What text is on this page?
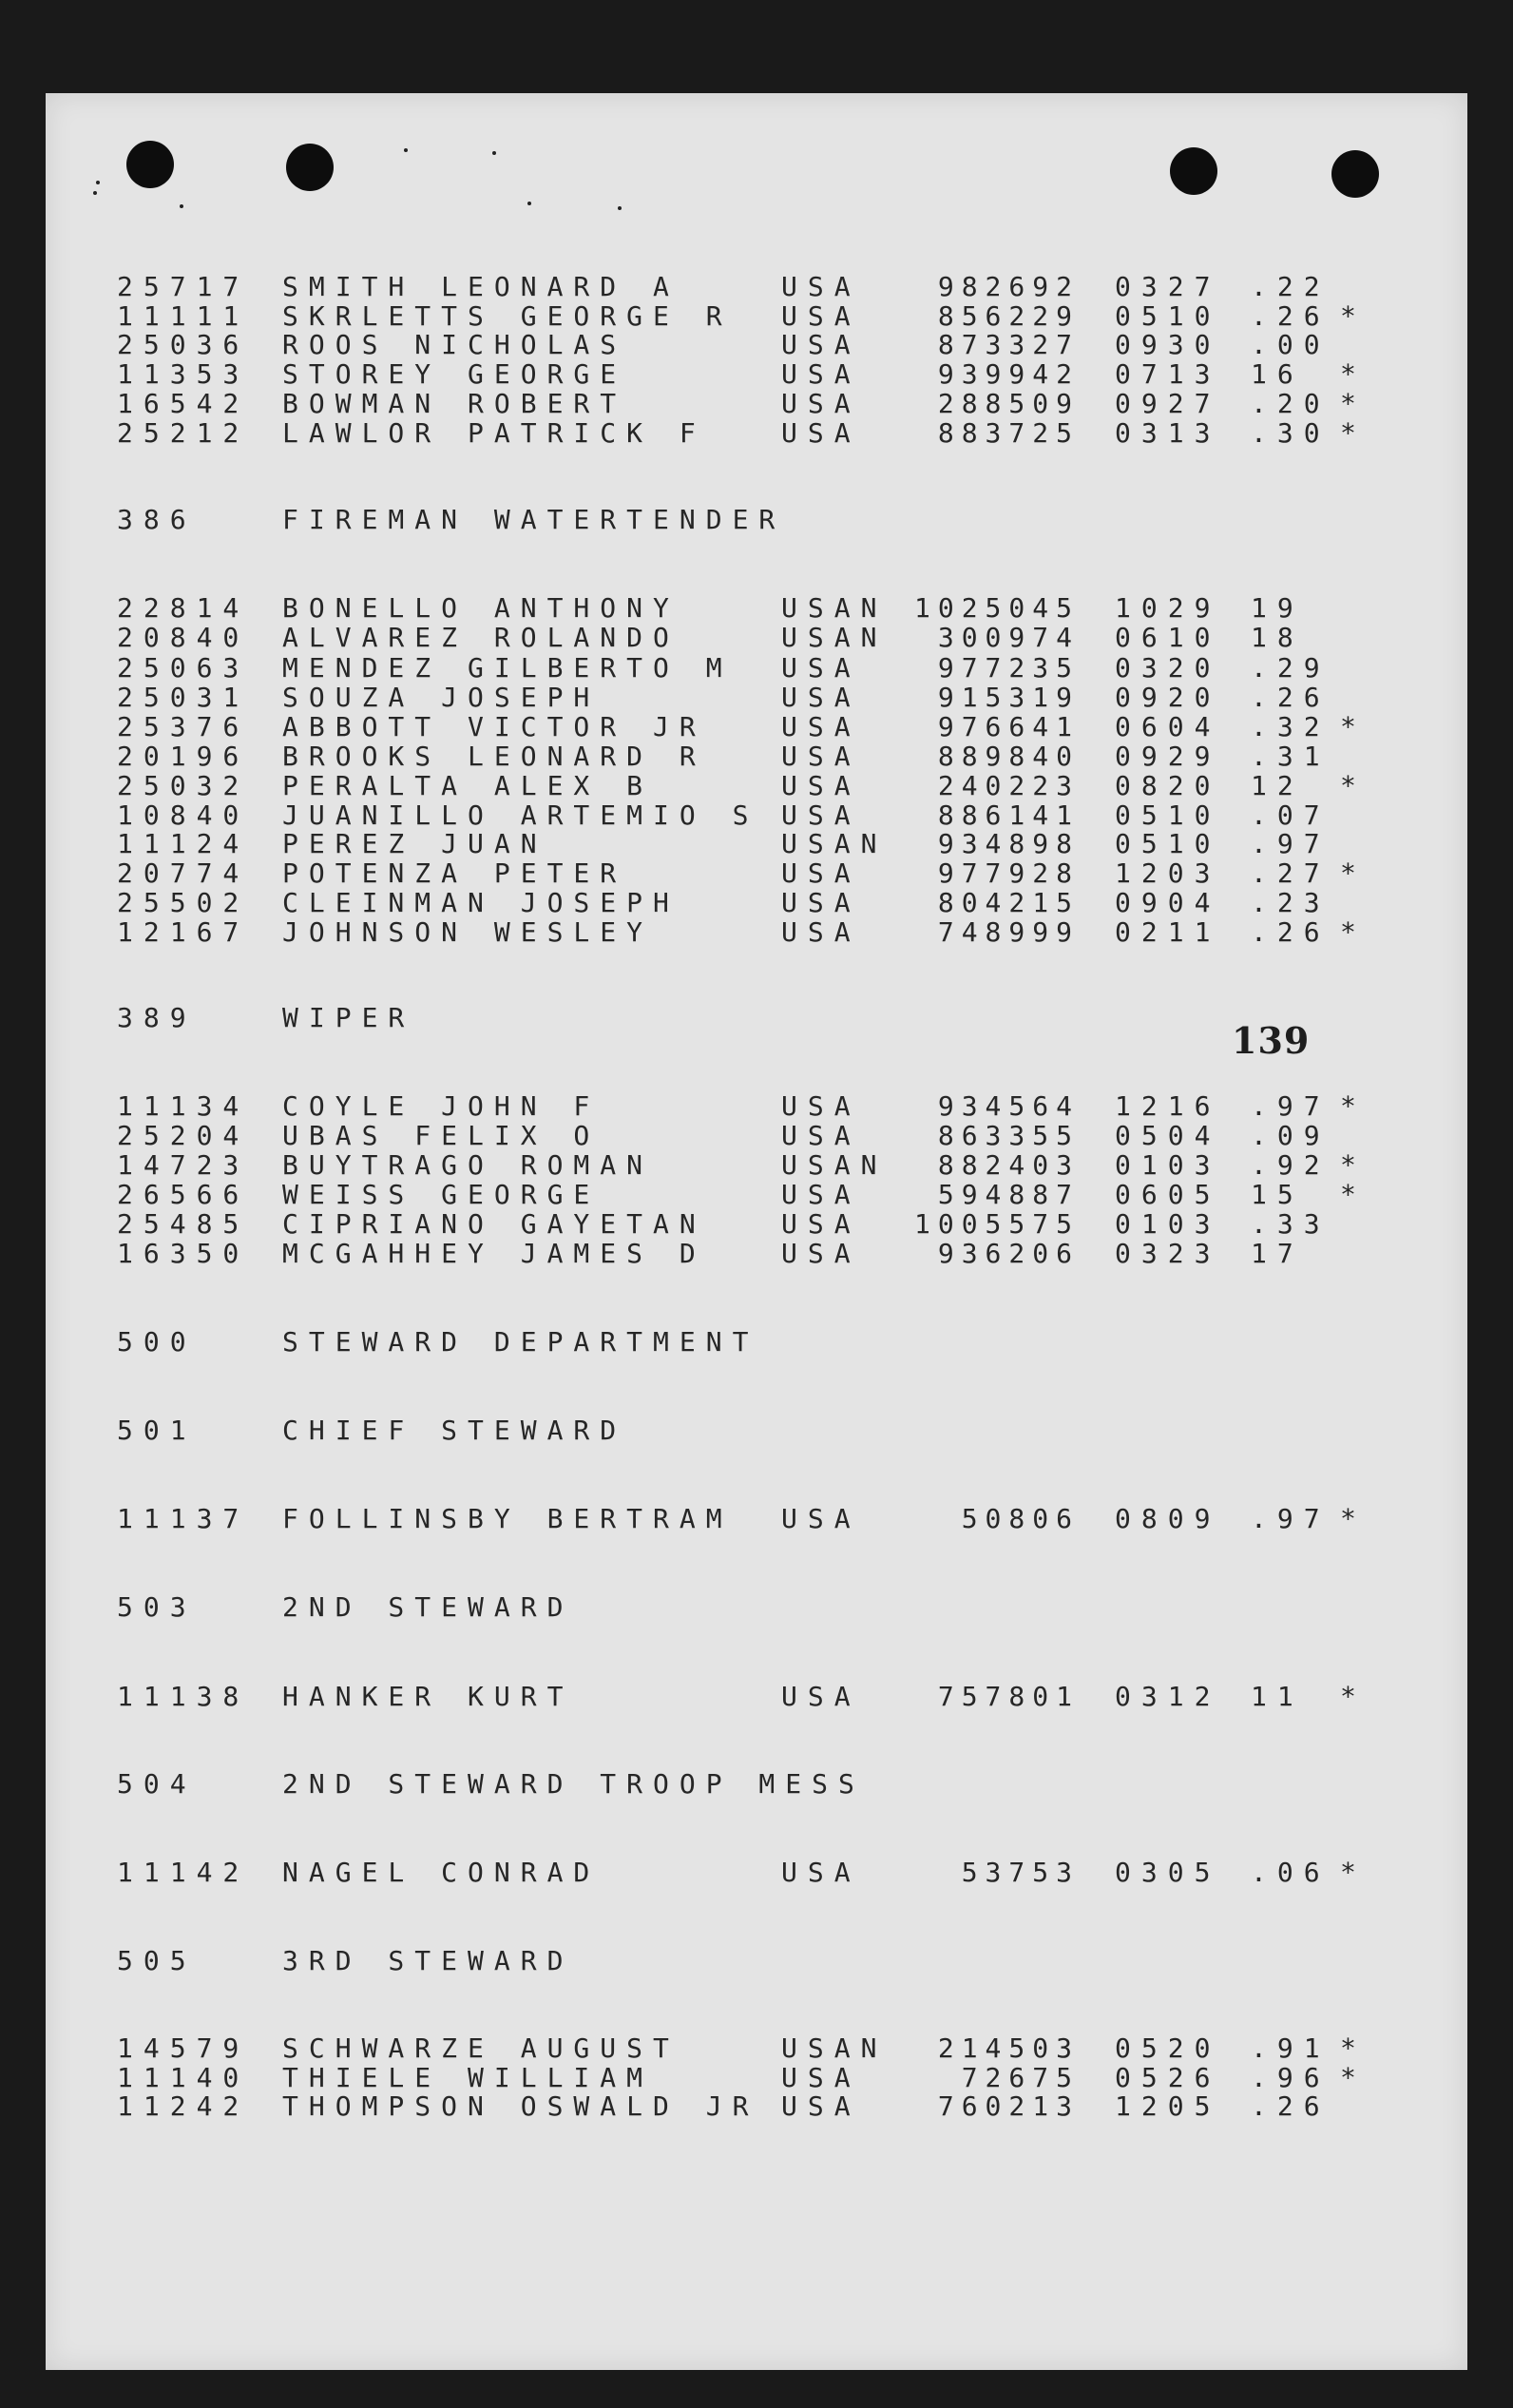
25717 SMITH LEONARD A	USA	982692 0327 .22
11111 SKRLETTS GEORGE R USA	856229 0510 .26 *
25036 ROOS NICHOLAS	USA	873327 0930 .00
11353 STOREY GEORGE	USA	939942 0713 16 *
16542 BOWMAN ROBERT	USA	288509 0927 .20 *
25212 LAWLOR PATRICK F	USA	883725 0313 .30 *
386	FIREMAN WATERTENDER
22814 BONELLO ANTHONY	USAN	1025045 1029 19
20840 ALVAREZ ROLANDO	USAN	300974 0610 18
25063 MENDEZ GILBERTO M USA	977235 0320 .29
25031 SOUZA JOSEPH	USA	915319 0920 .26
25376 ABBOTT VICTOR JR	USA	976641 0604 .32 *
20196 BROOKS LEONARD R	USA	889840 0929 .31
25032 PERALTA ALEX B	USA	240223 0820 12 *
10840 JUANILLO ARTEMIO S USA	886141 0510 .07
11124 PEREZ JUAN	USAN	934898 0510 .97
20774 POTENZA PETER	USA	977928 1203 .27 *
25502 CLEINMAN JOSEPH	USA	804215 0904 .23
12167 JOHNSON WESLEY	USA	748999 0211 .26 *
389	WIPER
11134 COYLE JOHN F	USA	934564 1216 .97 *
25204 UBAS FELIX O	USA	863355 0504 .09
14723 BUYTRAGO ROMAN	USAN	882403 0103 .92 *
26566 WEISS GEORGE	USA	594887 0605 15 *
25485 CIPRIANO GAYETAN	USA	1005575 0103 .33
16350 MCGAHHEY JAMES D	USA	936206 0323 17
500	STEWARD DEPARTMENT
501	CHIEF STEWARD
11137 FOLLINSBY BERTRAM USA	50806 0809 .97 *
503	2ND STEWARD
11138 HANKER KURT	USA	757801 0312 11 *
504	2ND STEWARD TROOP MESS
11142 NAGEL CONRAD	USA	53753 0305 .06 *
505	3RD STEWARD
14579 SCHWARZE AUGUST	USAN	214503 0520 .91 *
11140 THIELE WILLIAM	USA	72675 0526 .96 *
11242 THOMPSON OSWALD JR USA	760213 1205 .26
139
